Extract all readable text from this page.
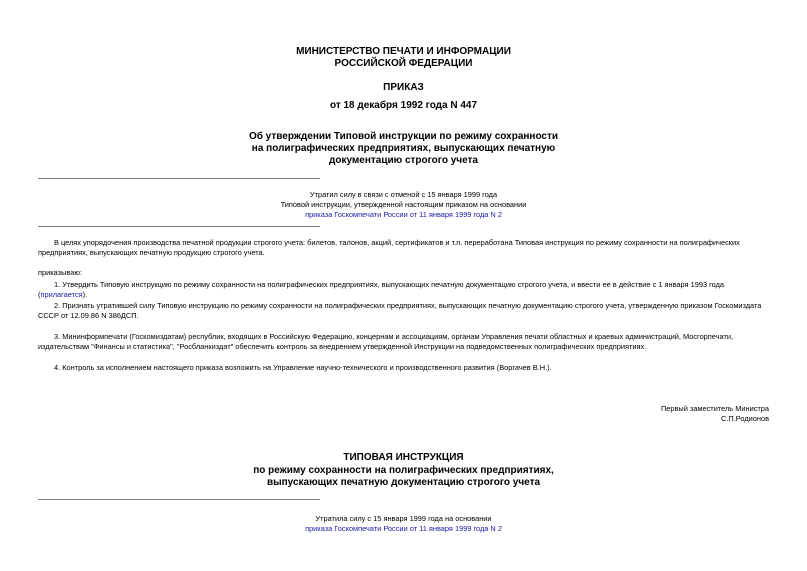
МИНИСТЕРСТВО ПЕЧАТИ И ИНФОРМАЦИИ
РОССИЙСКОЙ ФЕДЕРАЦИИ
ПРИКАЗ
от 18 декабря 1992 года N 447
Об утверждении Типовой инструкции по режиму сохранности
на полиграфических предприятиях, выпускающих печатную
документацию строгого учета
Утратил силу в связи с отменой с 15 января 1999 года
Типовой инструкции, утвержденной настоящим приказом на основании
приказа Госкомпечати России от 11 января 1999 года N 2
В целях упорядочения производства печатной продукции строгого учета: билетов, талонов, акций, сертификатов и т.п. переработана Типовая инструкция по режиму сохранности на полиграфических предприятиях, выпускающих печатную продукцию строгого учета.
приказываю:
1. Утвердить Типовую инструкцию по режиму сохранности на полиграфических предприятиях, выпускающих печатную документацию строгого учета, и ввести ее в действие с 1 января 1993 года (прилагается).
2. Признать утратившей силу Типовую инструкцию по режиму сохранности на полиграфических предприятиях, выпускающих печатную документацию строгого учета, утвержденную приказом Госкомиздата СССР от 12.09.86 N 386ДСП.
3. Мининформпечати (Госкомиздатам) республик, входящих в Российскую Федерацию, концернам и ассоциациям, органам Управления печати областных и краевых администраций, Мосгорпечати, издательствам "Финансы и статистика", "Росбланкиздат" обеспечить контроль за внедрением утвержденной Инструкции на подведомственных полиграфических предприятиях.
4. Контроль за исполнением настоящего приказа возложить на Управление научно-технического и производственного развития (Воргачев В.Н.).
Первый заместитель Министра
С.П.Родионов
ТИПОВАЯ ИНСТРУКЦИЯ
по режиму сохранности на полиграфических предприятиях,
выпускающих печатную документацию строгого учета
Утратила силу с 15 января 1999 года на основании
приказа Госкомпечати России от 11 января 1999 года N 2
